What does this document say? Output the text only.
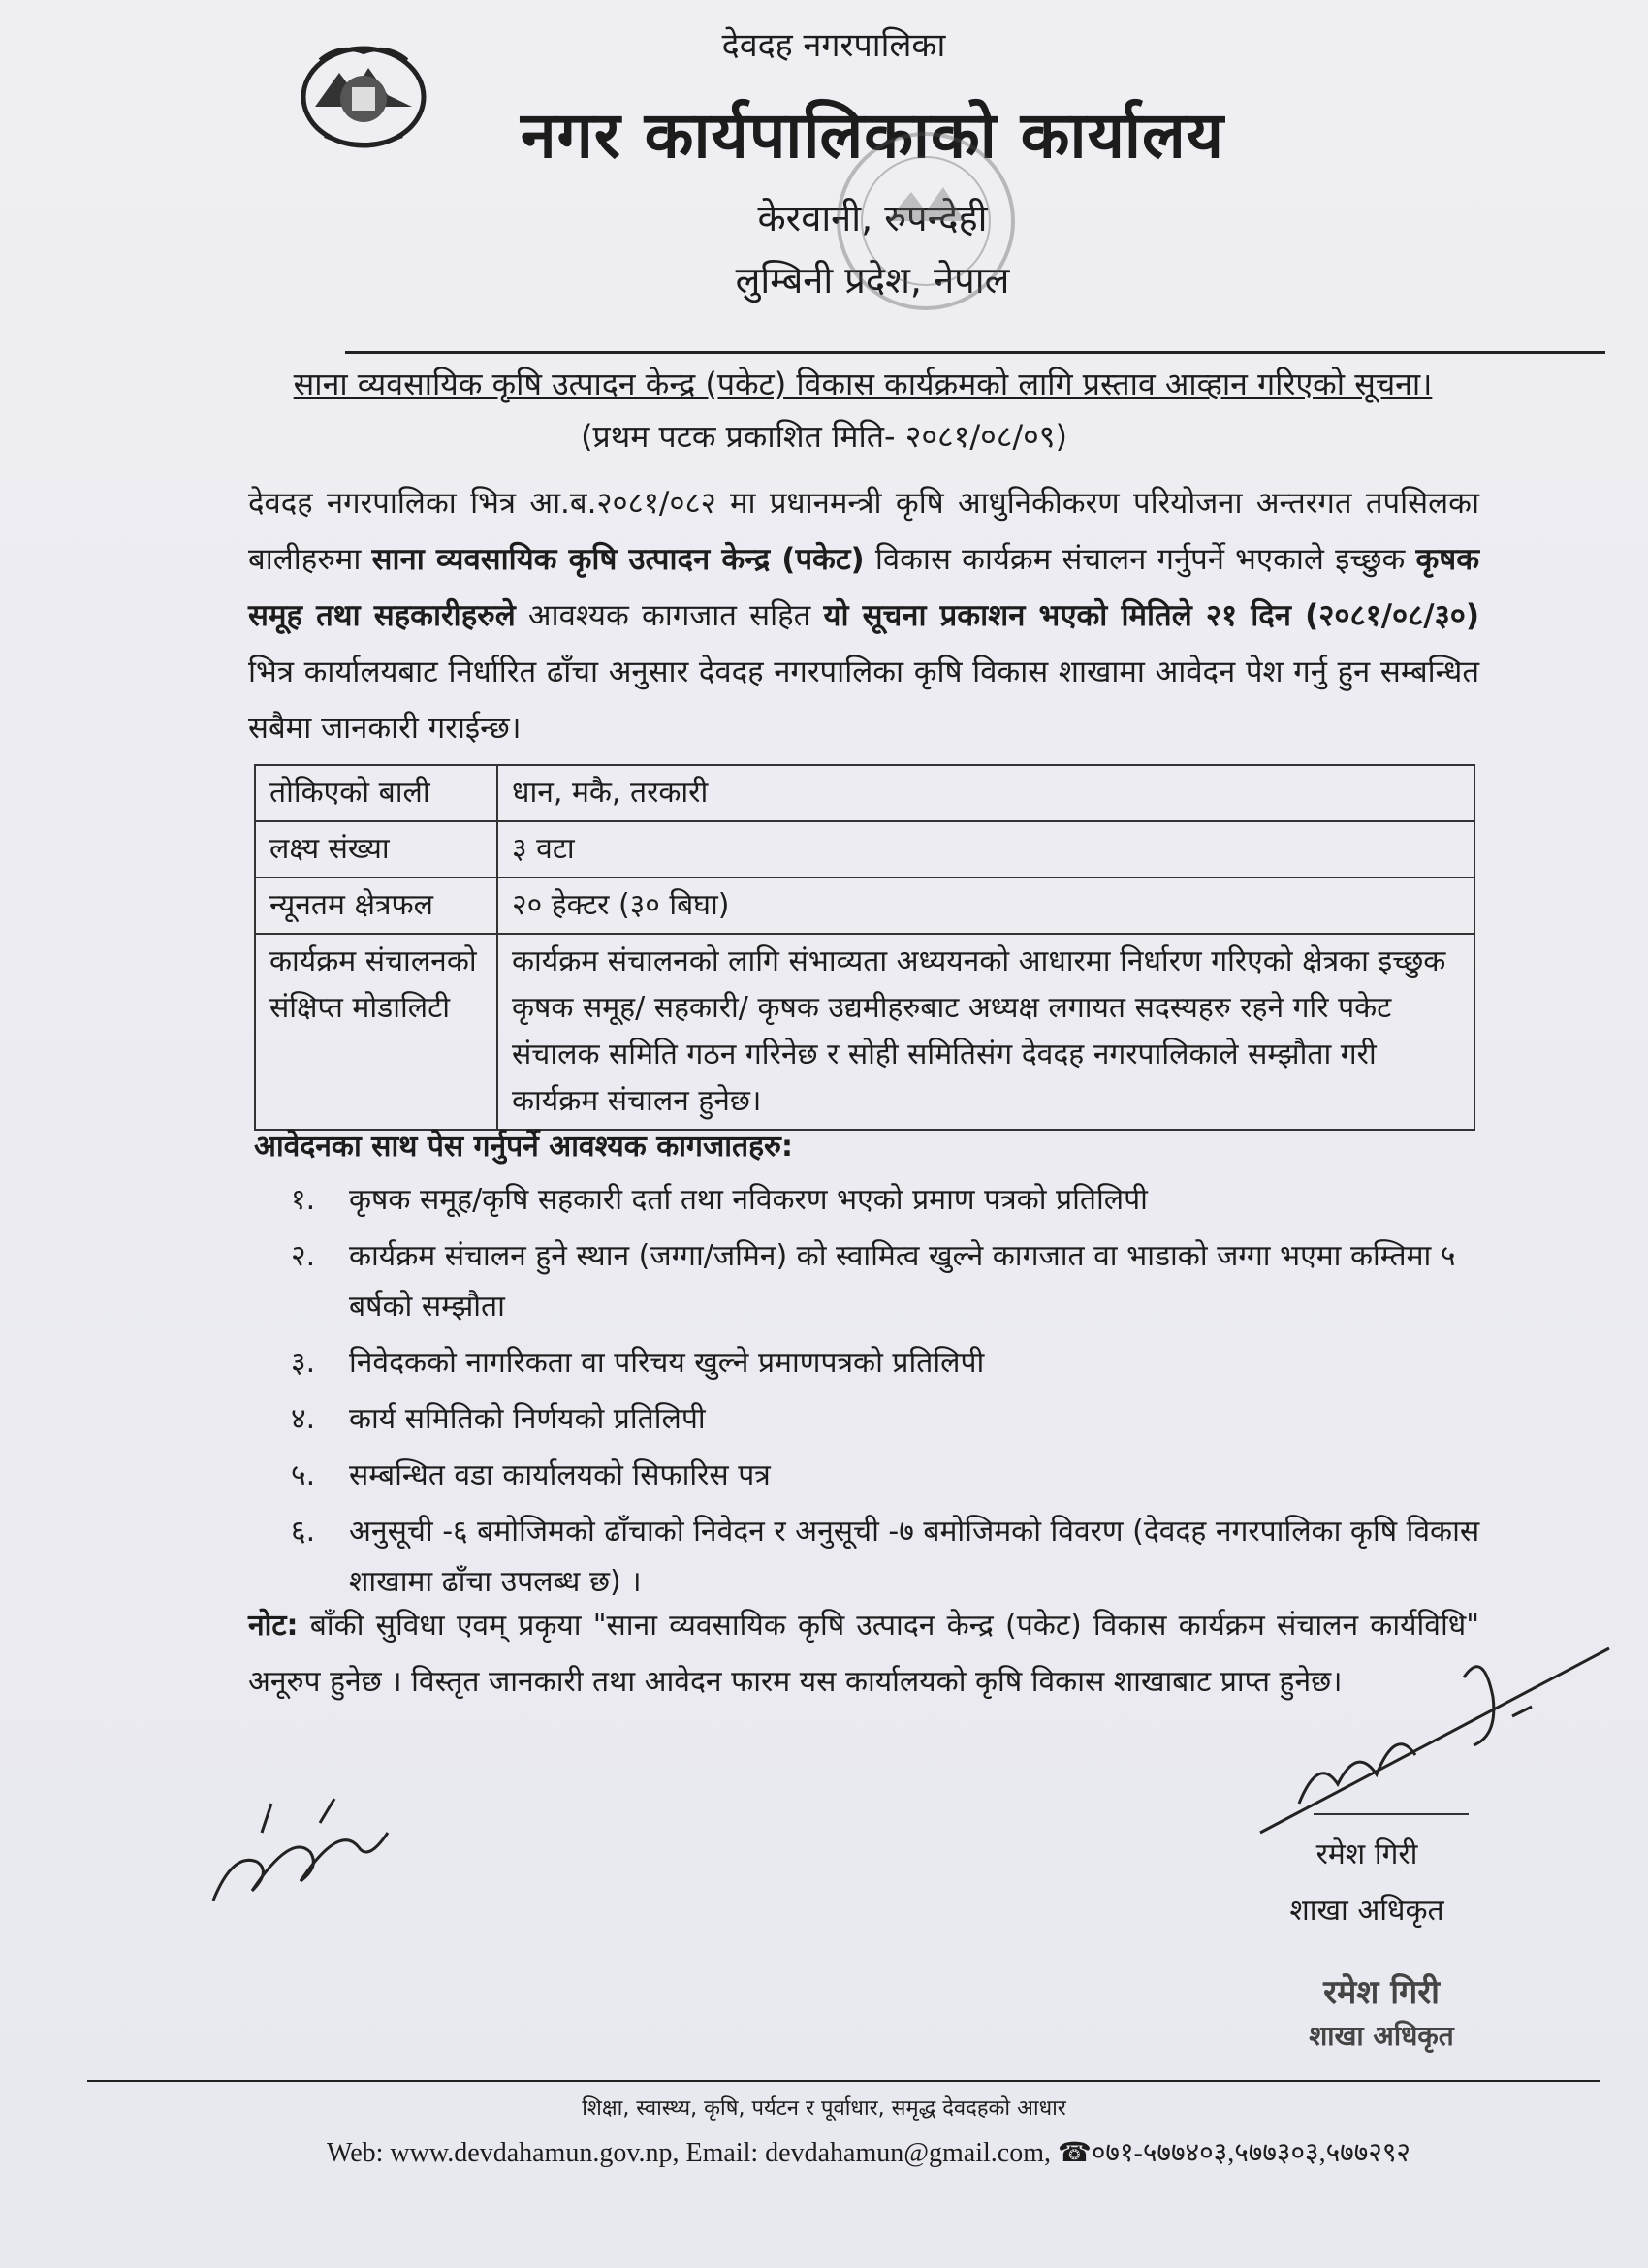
देवदह नगरपालिका
नगर कार्यपालिकाको कार्यालय
केरवानी, रुपन्देही
लुम्बिनी प्रदेश, नेपाल
साना व्यवसायिक कृषि उत्पादन केन्द्र (पकेट) विकास कार्यक्रमको लागि प्रस्ताव आव्हान गरिएको सूचना।
(प्रथम पटक प्रकाशित मिति- २०८१/०८/०९)
देवदह नगरपालिका भित्र आ.ब.२०८१/०८२ मा प्रधानमन्त्री कृषि आधुनिकीकरण परियोजना अन्तरगत तपसिलका बालीहरुमा साना व्यवसायिक कृषि उत्पादन केन्द्र (पकेट) विकास कार्यक्रम संचालन गर्नुपर्ने भएकाले इच्छुक कृषक समूह तथा सहकारीहरुले आवश्यक कागजात सहित यो सूचना प्रकाशन भएको मितिले २१ दिन (२०८१/०८/३०) भित्र कार्यालयबाट निर्धारित ढाँचा अनुसार देवदह नगरपालिका कृषि विकास शाखामा आवेदन पेश गर्नु हुन सम्बन्धित सबैमा जानकारी गराईन्छ।
तोकिएको बाली	धान, मकै, तरकारी
लक्ष्य संख्या	३ वटा
न्यूनतम क्षेत्रफल	२० हेक्टर (३० बिघा)
कार्यक्रम संचालनको संक्षिप्त मोडालिटी	कार्यक्रम संचालनको लागि संभाव्यता अध्ययनको आधारमा निर्धारण गरिएको क्षेत्रका इच्छुक कृषक समूह/ सहकारी/ कृषक उद्यमीहरुबाट अध्यक्ष लगायत सदस्यहरु रहने गरि पकेट संचालक समिति गठन गरिनेछ र सोही समितिसंग देवदह नगरपालिकाले सम्झौता गरी कार्यक्रम संचालन हुनेछ।
आवेदनका साथ पेस गर्नुपर्ने आवश्यक कागजातहरु:
१.	कृषक समूह/कृषि सहकारी दर्ता तथा नविकरण भएको प्रमाण पत्रको प्रतिलिपी
२.	कार्यक्रम संचालन हुने स्थान (जग्गा/जमिन) को स्वामित्व खुल्ने कागजात वा भाडाको जग्गा भएमा कम्तिमा ५ बर्षको सम्झौता
३.	निवेदकको नागरिकता वा परिचय खुल्ने प्रमाणपत्रको प्रतिलिपी
४.	कार्य समितिको निर्णयको प्रतिलिपी
५.	सम्बन्धित वडा कार्यालयको सिफारिस पत्र
६.	अनुसूची -६ बमोजिमको ढाँचाको निवेदन र अनुसूची -७ बमोजिमको विवरण (देवदह नगरपालिका कृषि विकास शाखामा ढाँचा उपलब्ध छ) ।
नोट: बाँकी सुविधा एवम् प्रकृया "साना व्यवसायिक कृषि उत्पादन केन्द्र (पकेट) विकास कार्यक्रम संचालन कार्यविधि" अनूरुप हुनेछ । विस्तृत जानकारी तथा आवेदन फारम यस कार्यालयको कृषि विकास शाखाबाट प्राप्त हुनेछ।
रमेश गिरी
शाखा अधिकृत
रमेश गिरी
शाखा अधिकृत
शिक्षा, स्वास्थ्य, कृषि, पर्यटन र पूर्वाधार, समृद्ध देवदहको आधार
Web: www.devdahamun.gov.np, Email: devdahamun@gmail.com, ☎०७१-५७७४०३,५७७३०३,५७७२९२
